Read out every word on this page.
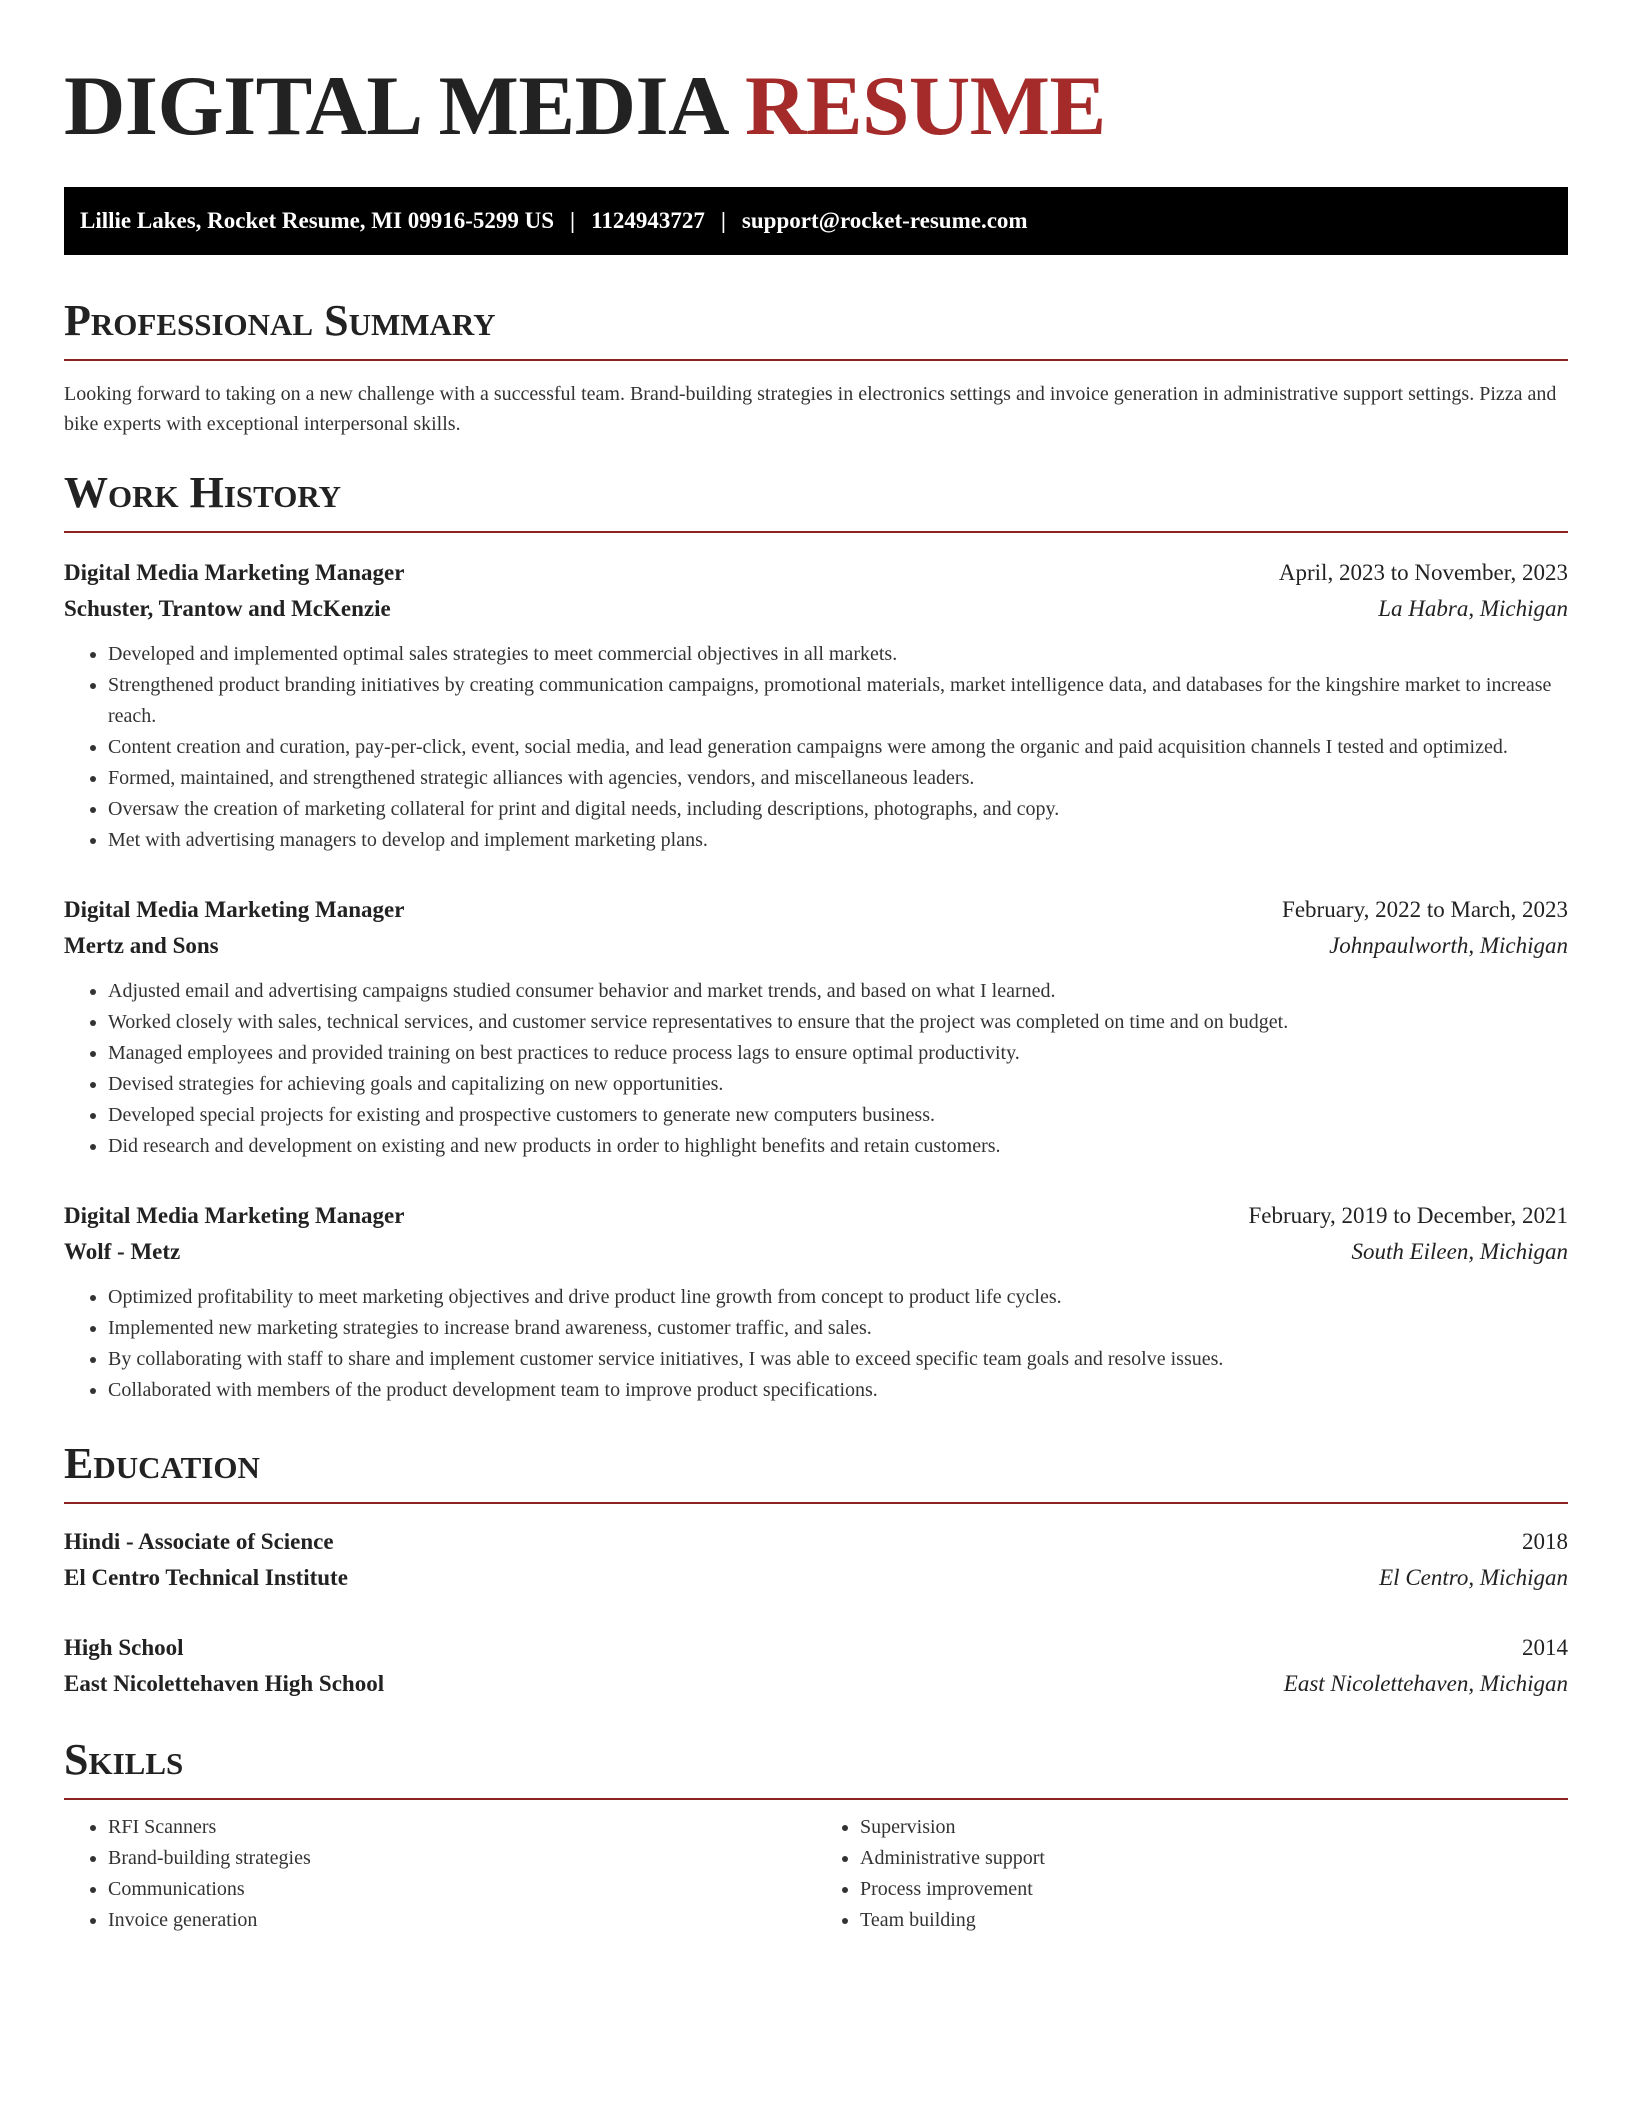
DIGITAL MEDIA RESUME
Lillie Lakes, Rocket Resume, MI 09916-5299 US | 1124943727 | support@rocket-resume.com
Professional Summary

Looking forward to taking on a new challenge with a successful team. Brand-building strategies in electronics settings and invoice generation in administrative support settings. Pizza and bike experts with exceptional interpersonal skills.

Work History
Digital Media Marketing Manager	April, 2023 to November, 2023
Schuster, Trantow and McKenzie	La Habra, Michigan
• Developed and implemented optimal sales strategies to meet commercial objectives in all markets.
• Strengthened product branding initiatives by creating communication campaigns, promotional materials, market intelligence data, and databases for the kingshire market to increase reach.
• Content creation and curation, pay-per-click, event, social media, and lead generation campaigns were among the organic and paid acquisition channels I tested and optimized.
• Formed, maintained, and strengthened strategic alliances with agencies, vendors, and miscellaneous leaders.
• Oversaw the creation of marketing collateral for print and digital needs, including descriptions, photographs, and copy.
• Met with advertising managers to develop and implement marketing plans.
Digital Media Marketing Manager	February, 2022 to March, 2023
Mertz and Sons	Johnpaulworth, Michigan
• Adjusted email and advertising campaigns studied consumer behavior and market trends, and based on what I learned.
• Worked closely with sales, technical services, and customer service representatives to ensure that the project was completed on time and on budget.
• Managed employees and provided training on best practices to reduce process lags to ensure optimal productivity.
• Devised strategies for achieving goals and capitalizing on new opportunities.
• Developed special projects for existing and prospective customers to generate new computers business.
• Did research and development on existing and new products in order to highlight benefits and retain customers.
Digital Media Marketing Manager	February, 2019 to December, 2021
Wolf - Metz	South Eileen, Michigan
• Optimized profitability to meet marketing objectives and drive product line growth from concept to product life cycles.
• Implemented new marketing strategies to increase brand awareness, customer traffic, and sales.
• By collaborating with staff to share and implement customer service initiatives, I was able to exceed specific team goals and resolve issues.
• Collaborated with members of the product development team to improve product specifications.
Education
Hindi - Associate of Science	2018
El Centro Technical Institute	El Centro, Michigan
High School	2014
East Nicolettehaven High School	East Nicolettehaven, Michigan
Skills
• RFI Scanners
• Brand-building strategies
• Communications
• Invoice generation
• Supervision
• Administrative support
• Process improvement
• Team building
